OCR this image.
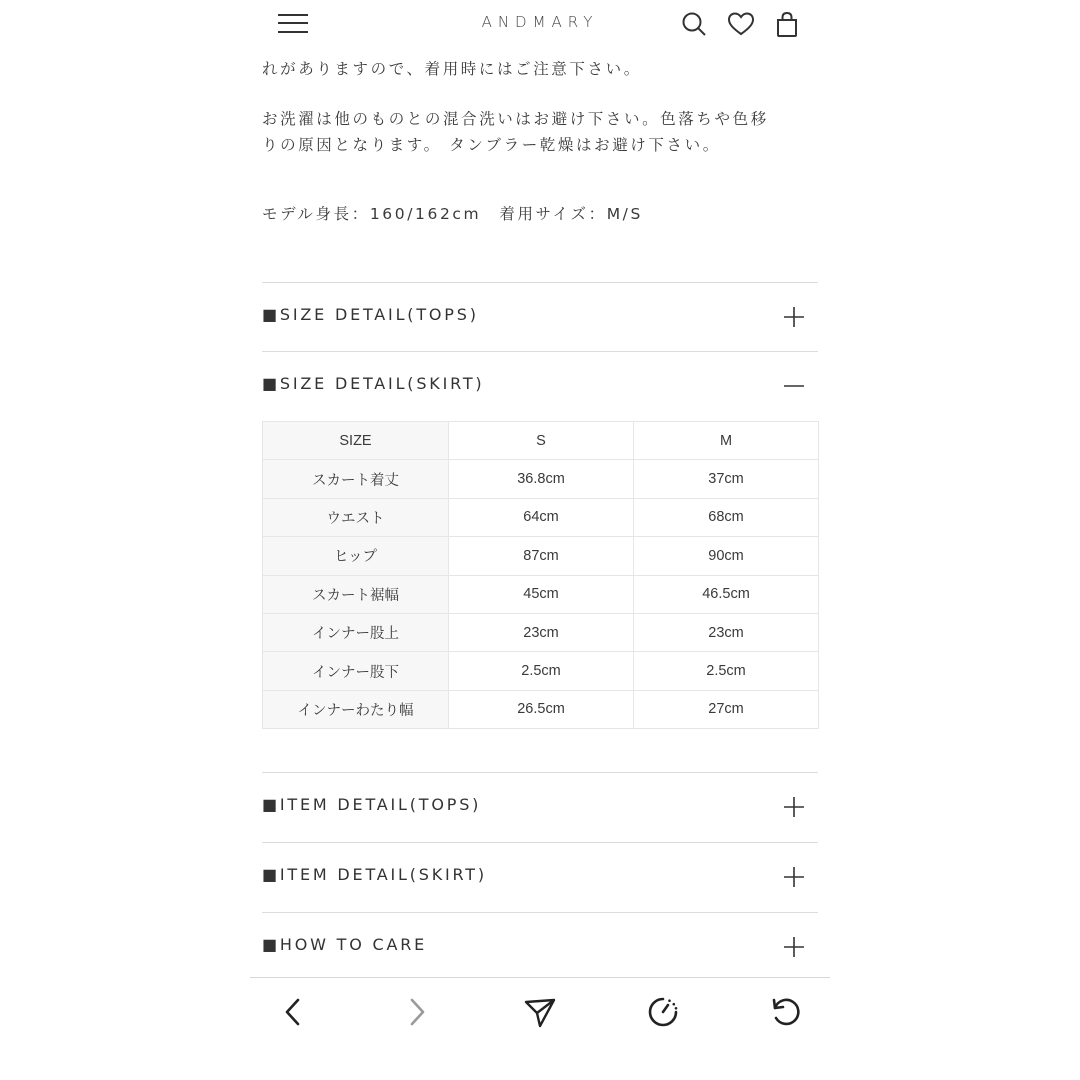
ANDMARY
れがありますので、着用時にはご注意下さい。
お洗濯は他のものとの混合洗いはお避け下さい。色落ちや色移
りの原因となります。 タンブラー乾燥はお避け下さい。
モデル身長：160/162cm　着用サイズ：M/S
■SIZE DETAIL(TOPS)
■SIZE DETAIL(SKIRT)
SIZE	S	M
スカート着丈	36.8cm	37cm
ウエスト	64cm	68cm
ヒップ	87cm	90cm
スカート裾幅	45cm	46.5cm
インナー股上	23cm	23cm
インナー股下	2.5cm	2.5cm
インナーわたり幅	26.5cm	27cm
■ITEM DETAIL(TOPS)
■ITEM DETAIL(SKIRT)
■HOW TO CARE
